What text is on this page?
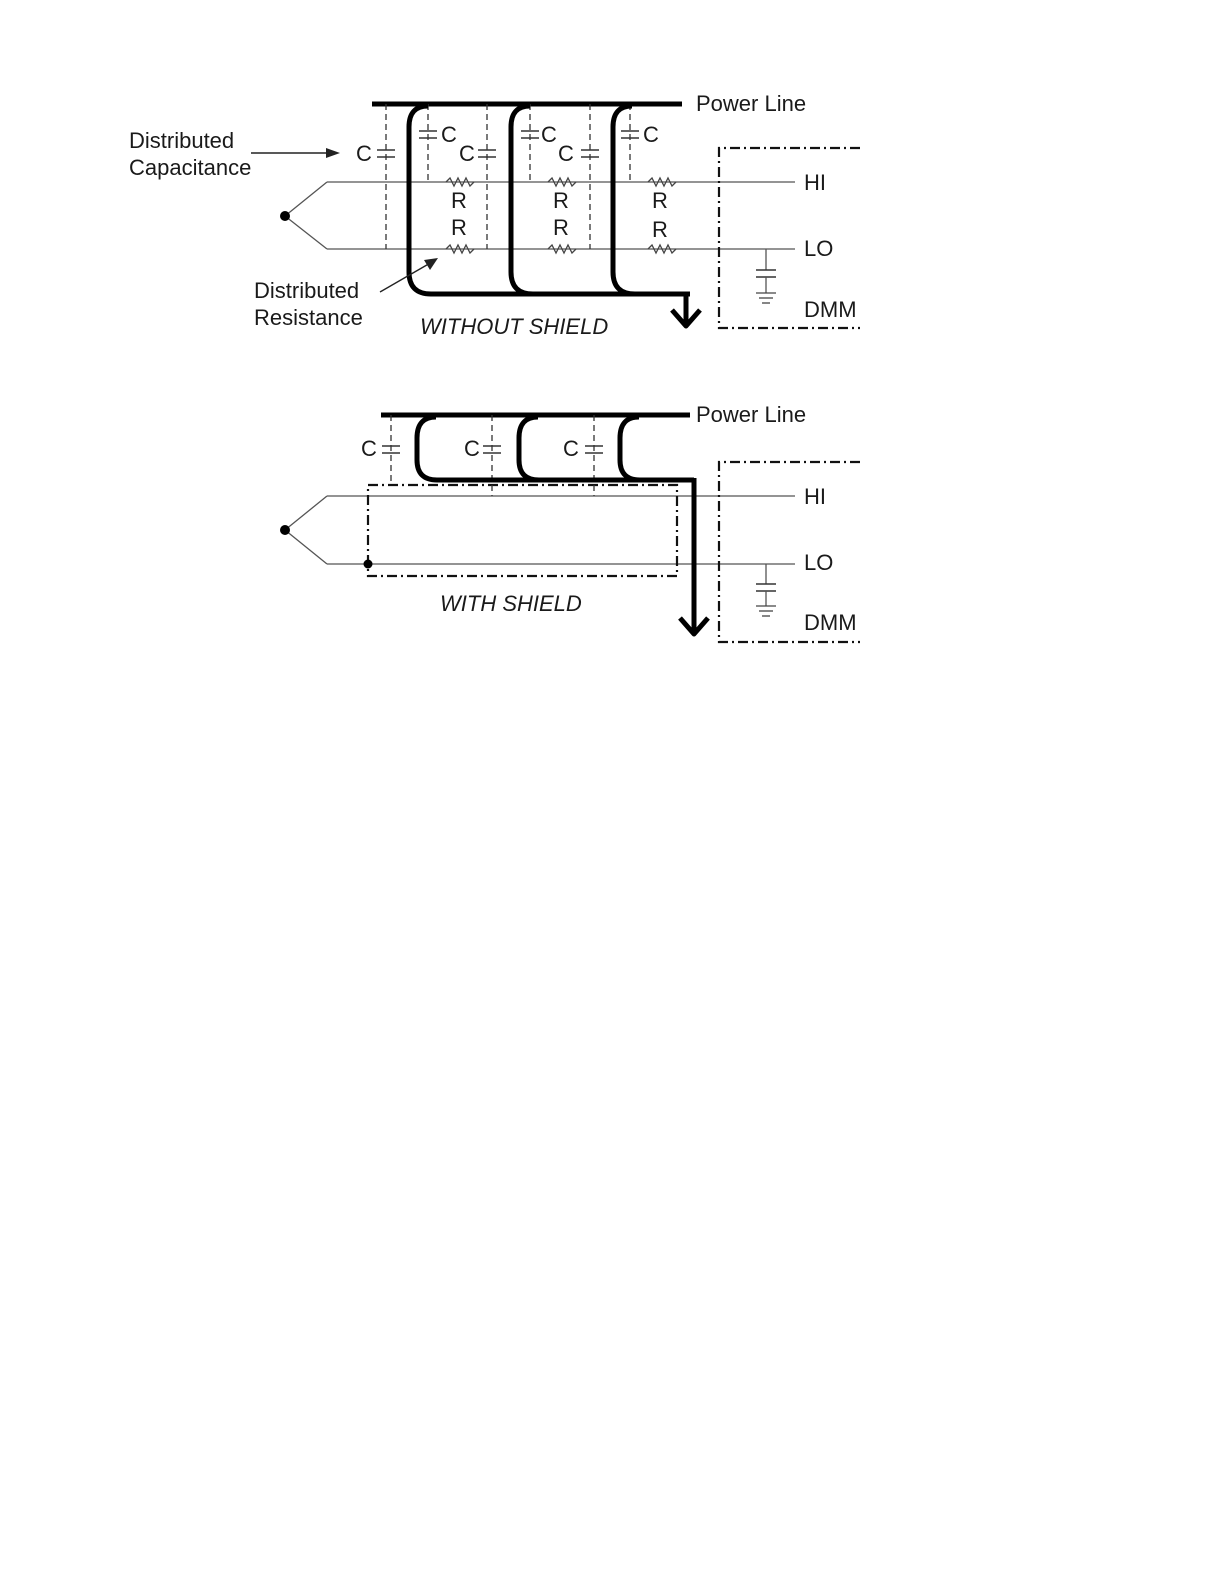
Power Line
C
C
C
C
C
C
R
R
R
R
R
R
HI
LO
DMM
Distributed
Capacitance
Distributed
Resistance	WITHOUT SHIELD
Power Line
C	C	C
HI
LO
DMM
WITH SHIELD
